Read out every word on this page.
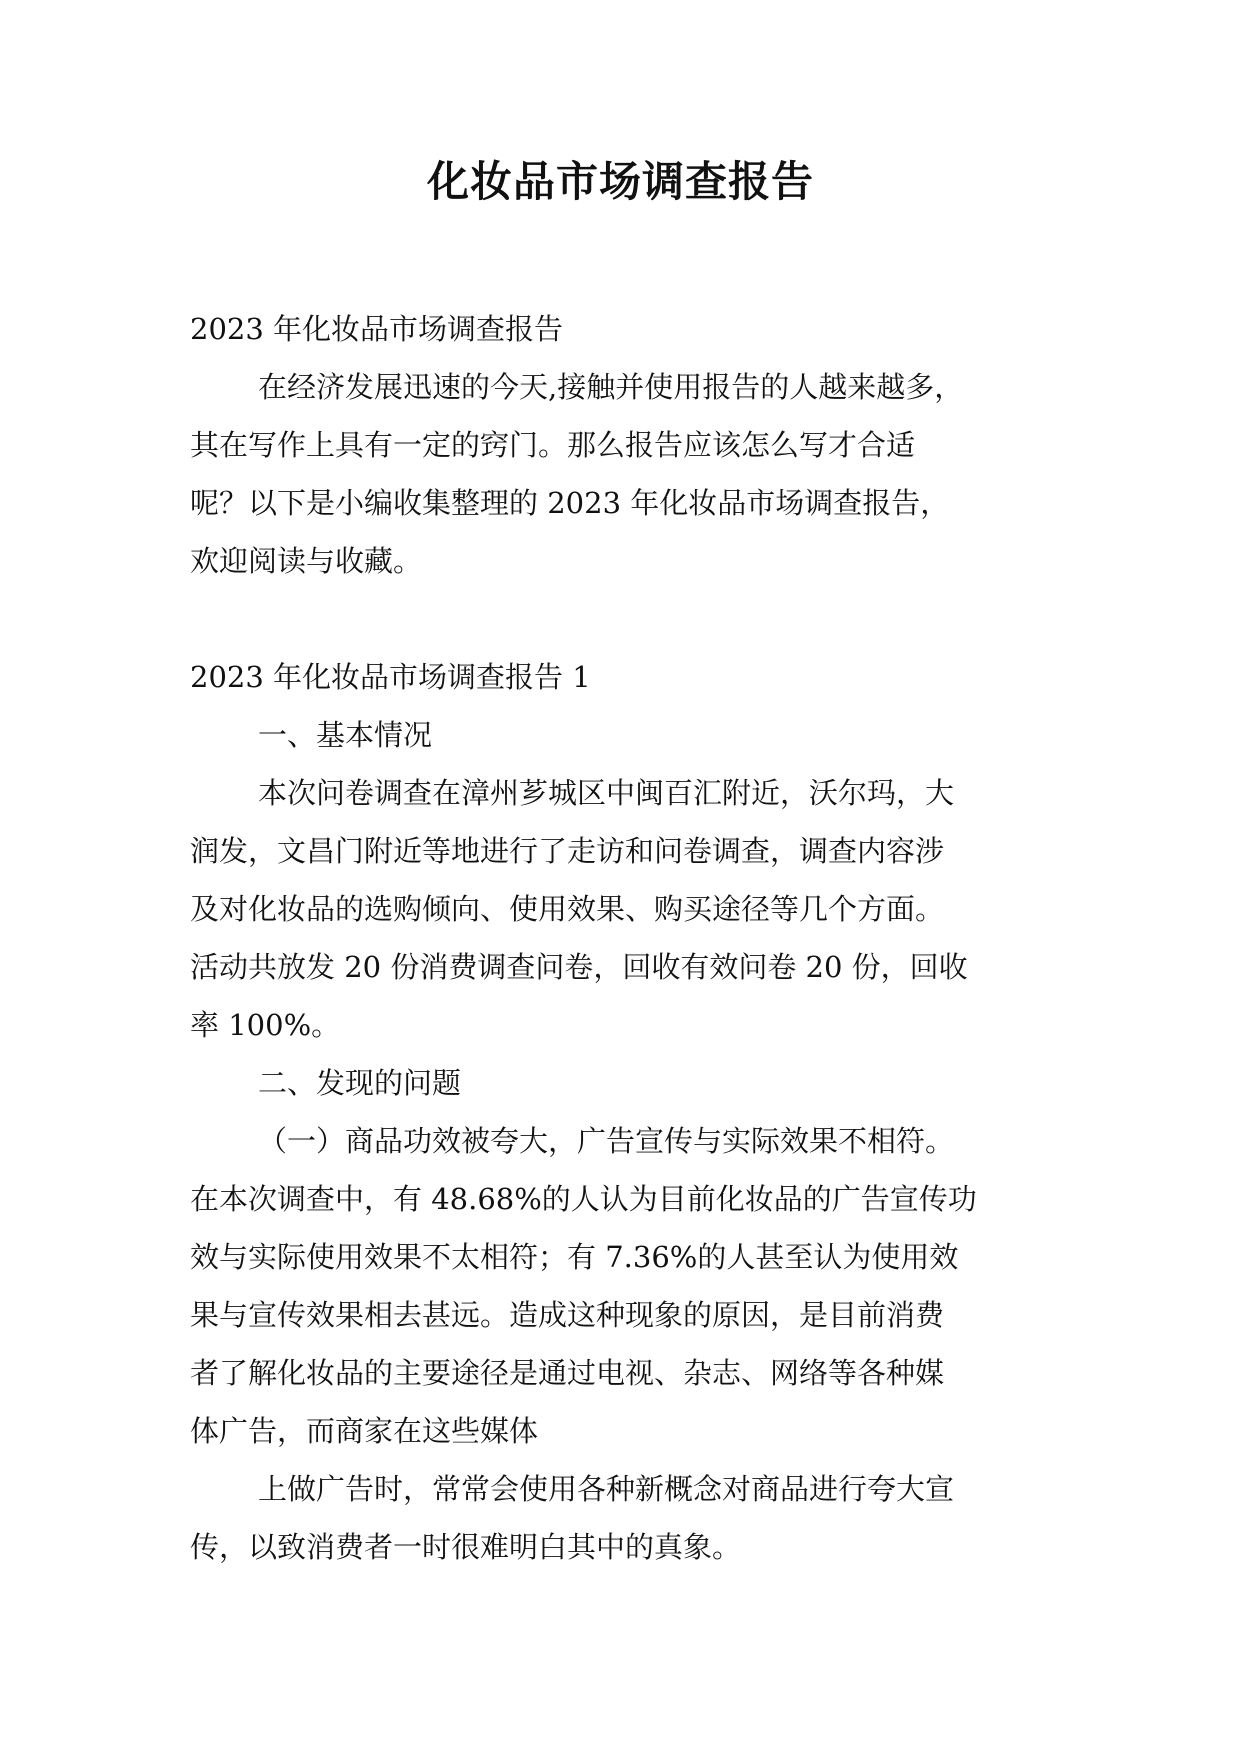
化妆品市场调查报告

2023 年化妆品市场调查报告

在经济发展迅速的今天,接触并使用报告的人越来越多，

其在写作上具有一定的窍门。那么报告应该怎么写才合适

呢？以下是小编收集整理的 2023 年化妆品市场调查报告，

欢迎阅读与收藏。

2023 年化妆品市场调查报告 1

一、基本情况

本次问卷调查在漳州芗城区中闽百汇附近，沃尔玛，大

润发，文昌门附近等地进行了走访和问卷调查，调查内容涉

及对化妆品的选购倾向、使用效果、购买途径等几个方面。

活动共放发 20 份消费调查问卷，回收有效问卷 20 份，回收

率 100%。

二、发现的问题

（一）商品功效被夸大，广告宣传与实际效果不相符。

在本次调查中，有 48.68%的人认为目前化妆品的广告宣传功

效与实际使用效果不太相符；有 7.36%的人甚至认为使用效

果与宣传效果相去甚远。造成这种现象的原因，是目前消费

者了解化妆品的主要途径是通过电视、杂志、网络等各种媒

体广告，而商家在这些媒体

上做广告时，常常会使用各种新概念对商品进行夸大宣

传，以致消费者一时很难明白其中的真象。
